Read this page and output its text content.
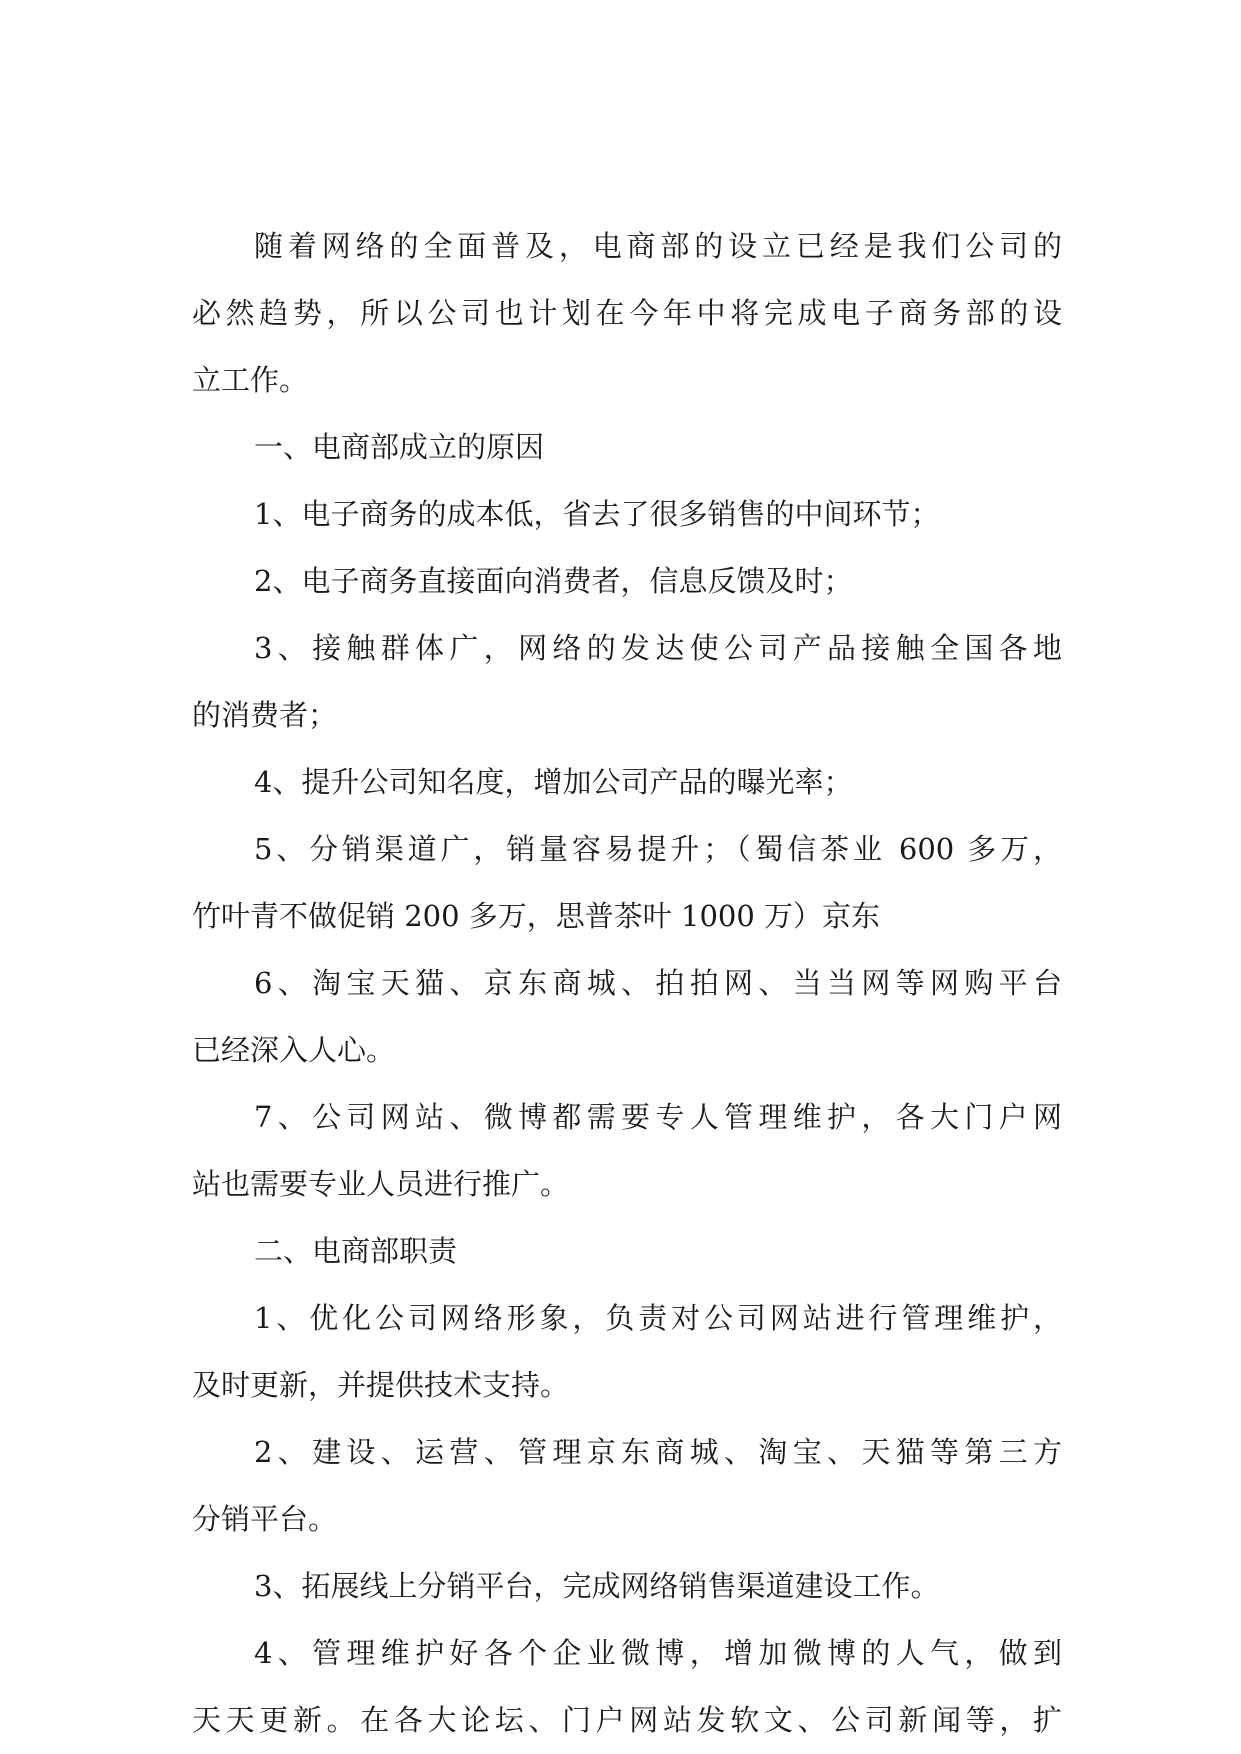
随着网络的全面普及，电商部的设立已经是我们公司的
必然趋势，所以公司也计划在今年中将完成电子商务部的设
立工作。
一、电商部成立的原因
1、电子商务的成本低，省去了很多销售的中间环节；
2、电子商务直接面向消费者，信息反馈及时；
3、接触群体广，网络的发达使公司产品接触全国各地
的消费者；
4、提升公司知名度，增加公司产品的曝光率；
5、分销渠道广，销量容易提升；（蜀信茶业 600 多万，
竹叶青不做促销 200 多万，思普茶叶 1000 万）京东
6、淘宝天猫、京东商城、拍拍网、当当网等网购平台
已经深入人心。
7、公司网站、微博都需要专人管理维护，各大门户网
站也需要专业人员进行推广。
二、电商部职责
1、优化公司网络形象，负责对公司网站进行管理维护，
及时更新，并提供技术支持。
2、建设、运营、管理京东商城、淘宝、天猫等第三方
分销平台。
3、拓展线上分销平台，完成网络销售渠道建设工作。
4、管理维护好各个企业微博，增加微博的人气，做到
天天更新。在各大论坛、门户网站发软文、公司新闻等，扩
